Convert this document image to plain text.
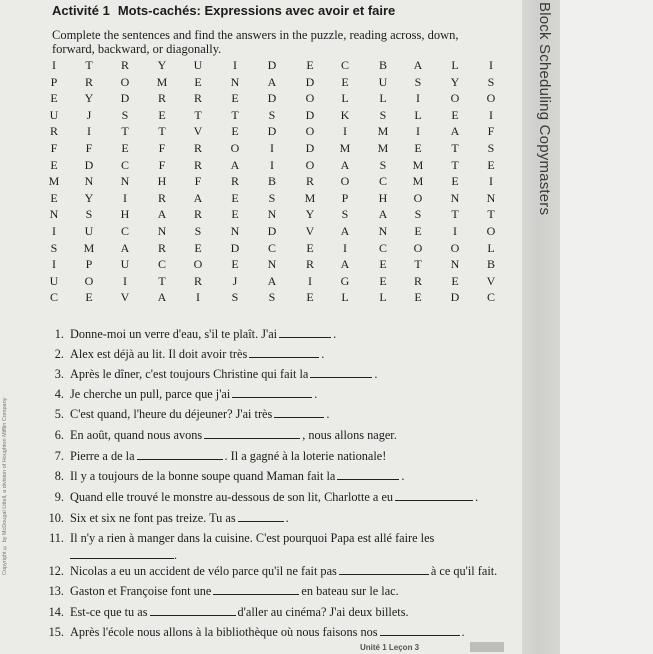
Block Scheduling Copymasters
Activité 1 Mots-cachés: Expressions avec avoir et faire
Complete the sentences and find the answers in the puzzle, reading across, down, forward, backward, or diagonally.
I	T	R	Y	U	I	D	E	C	B	A	L	I
P	R	O	M	E	N	A	D	E	U	S	Y	S
E	Y	D	R	R	E	D	O	L	L	I	O	O
U	J	S	E	T	T	S	D	K	S	L	E	I
R	I	T	T	V	E	D	O	I	M	I	A	F
F	F	E	F	R	O	I	D	M	M	E	T	S
E	D	C	F	R	A	I	O	A	S	M	T	E
M	N	N	H	F	R	B	R	O	C	M	E	I
E	Y	I	R	A	E	S	M	P	H	O	N	N
N	S	H	A	R	E	N	Y	S	A	S	T	T
I	U	C	N	S	N	D	V	A	N	E	I	O
S	M	A	R	E	D	C	E	I	C	O	O	L
I	P	U	C	O	E	N	R	A	E	T	N	B
U	O	I	T	R	J	A	I	G	E	R	E	V
C	E	V	A	I	S	S	E	L	L	E	D	C
1. Donne-moi un verre d'eau, s'il te plaît. J'ai	.
2. Alex est déjà au lit. Il doit avoir très	.
3. Après le dîner, c'est toujours Christine qui fait la	.
4. Je cherche un pull, parce que j'ai	.
5. C'est quand, l'heure du déjeuner? J'ai très	.
6. En août, quand nous avons	, nous allons nager.
7. Pierre a de la	. Il a gagné à la loterie nationale!
8. Il y a toujours de la bonne soupe quand Maman fait la	.
9. Quand elle trouvé le monstre au-dessous de son lit, Charlotte a eu	.
10. Six et six ne font pas treize. Tu as	.
11. Il n'y a rien à manger dans la cuisine. C'est pourquoi Papa est allé faire les
.
12. Nicolas a eu un accident de vélo parce qu'il ne fait pas	à ce qu'il fait.
13. Gaston et Françoise font une	en bateau sur le lac.
14. Est-ce que tu as	d'aller au cinéma? J'ai deux billets.
15. Après l'école nous allons à la bibliothèque où nous faisons nos	.
Copyright © by McDougal Littell, a division of Houghton Mifflin Company
Unité 1 Leçon 3
